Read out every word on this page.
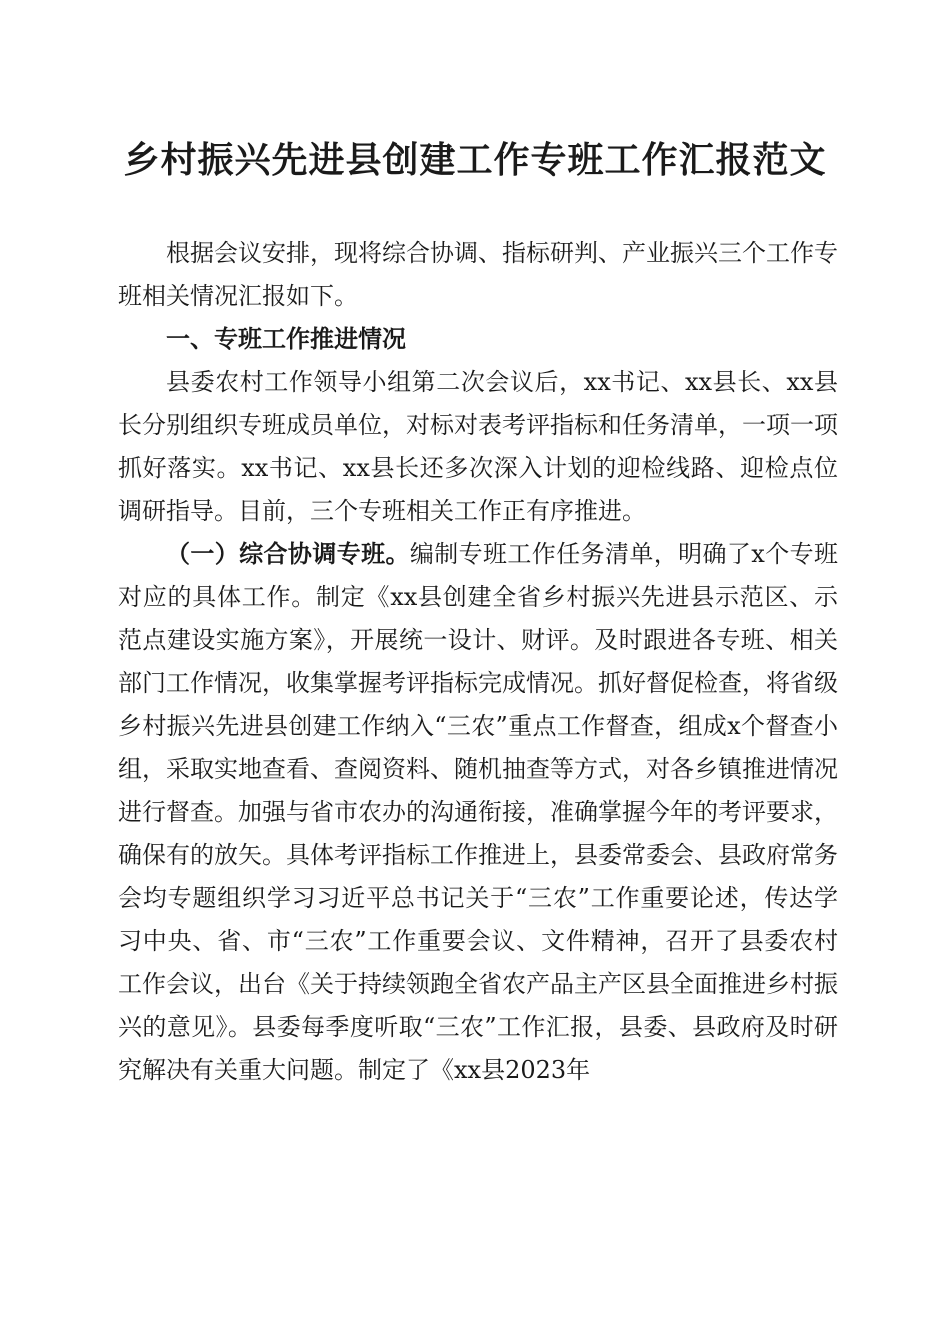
乡村振兴先进县创建工作专班工作汇报范文

根据会议安排，现将综合协调、指标研判、产业振兴三个工作专班相关情况汇报如下。

一、专班工作推进情况

县委农村工作领导小组第二次会议后，xx书记、xx县长、xx县长分别组织专班成员单位，对标对表考评指标和任务清单，一项一项抓好落实。xx书记、xx县长还多次深入计划的迎检线路、迎检点位调研指导。目前，三个专班相关工作正有序推进。

（一）综合协调专班。编制专班工作任务清单，明确了x个专班对应的具体工作。制定《xx县创建全省乡村振兴先进县示范区、示范点建设实施方案》，开展统一设计、财评。及时跟进各专班、相关部门工作情况，收集掌握考评指标完成情况。抓好督促检查，将省级乡村振兴先进县创建工作纳入“三农”重点工作督查，组成x个督查小组，采取实地查看、查阅资料、随机抽查等方式，对各乡镇推进情况进行督查。加强与省市农办的沟通衔接，准确掌握今年的考评要求，确保有的放矢。具体考评指标工作推进上，县委常委会、县政府常务会均专题组织学习习近平总书记关于“三农”工作重要论述，传达学习中央、省、市“三农”工作重要会议、文件精神，召开了县委农村工作会议，出台《关于持续领跑全省农产品主产区县全面推进乡村振兴的意见》。县委每季度听取“三农”工作汇报，县委、县政府及时研究解决有关重大问题。制定了《xx县2023年
